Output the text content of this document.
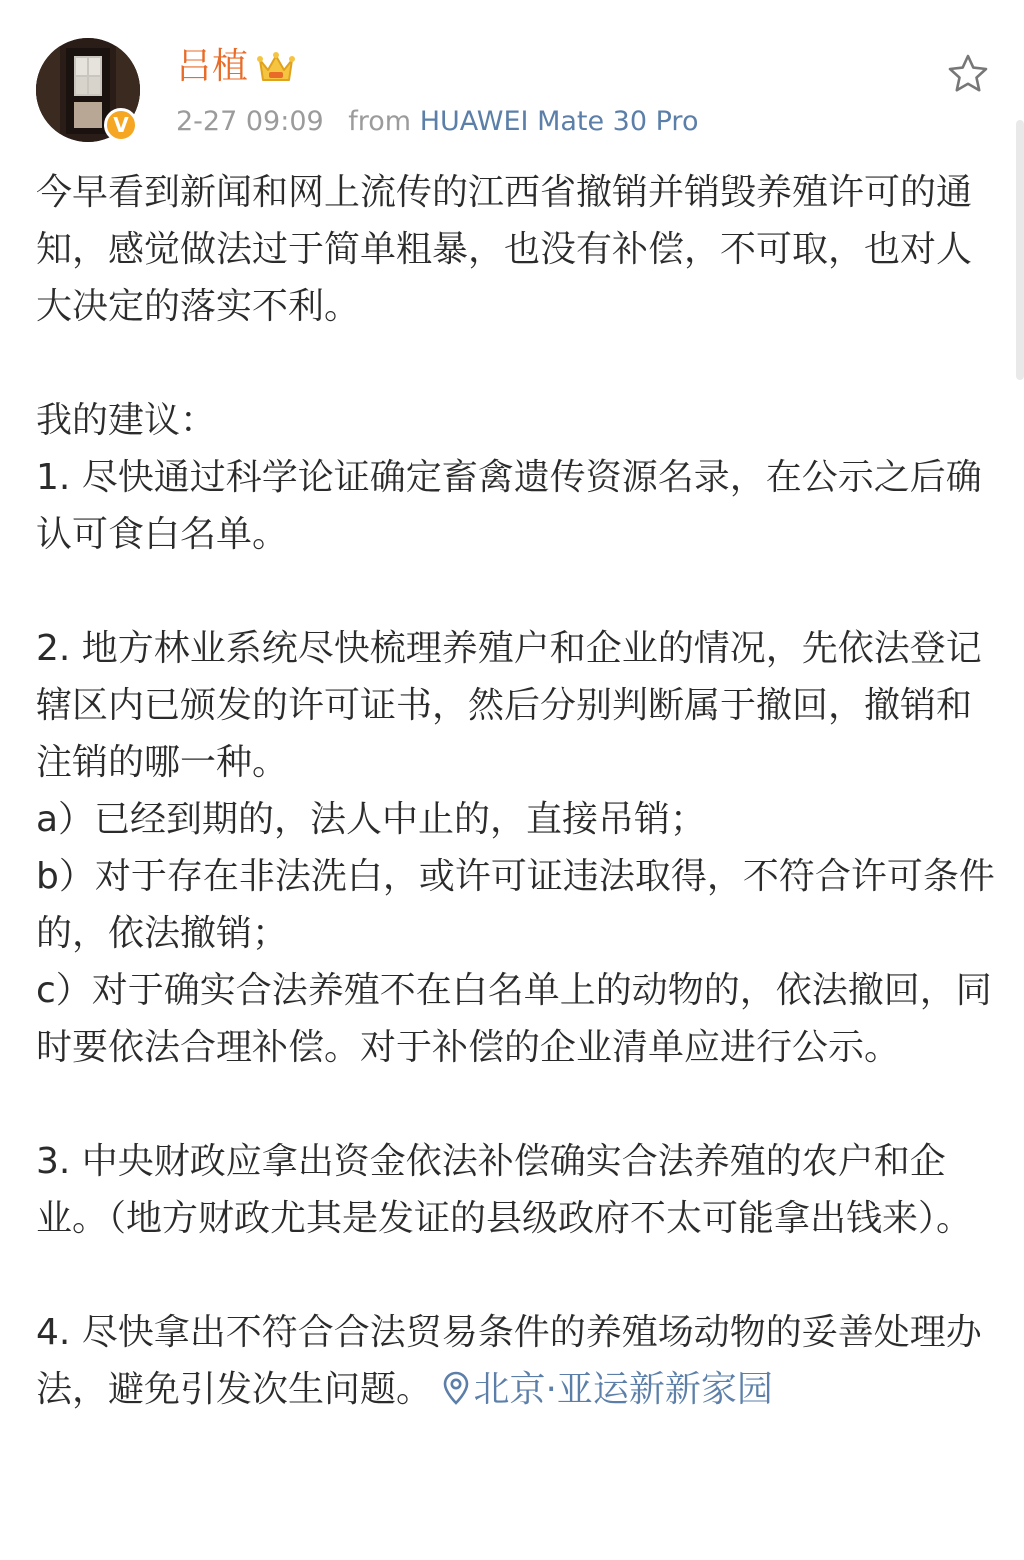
V
吕植
2-27 09:09 from HUAWEI Mate 30 Pro

今早看到新闻和网上流传的江西省撤销并销毁养殖许可的通知，感觉做法过于简单粗暴，也没有补偿，不可取，也对人大决定的落实不利。

我的建议：

1. 尽快通过科学论证确定畜禽遗传资源名录，在公示之后确认可食白名单。

2. 地方林业系统尽快梳理养殖户和企业的情况，先依法登记辖区内已颁发的许可证书，然后分别判断属于撤回，撤销和注销的哪一种。

a）已经到期的，法人中止的，直接吊销；

b）对于存在非法洗白，或许可证违法取得，不符合许可条件的，依法撤销；

c）对于确实合法养殖不在白名单上的动物的，依法撤回，同时要依法合理补偿。对于补偿的企业清单应进行公示。

3. 中央财政应拿出资金依法补偿确实合法养殖的农户和企业。（地方财政尤其是发证的县级政府不太可能拿出钱来）。

4. 尽快拿出不符合合法贸易条件的养殖场动物的妥善处理办法，避免引发次生问题。 北京·亚运新新家园
